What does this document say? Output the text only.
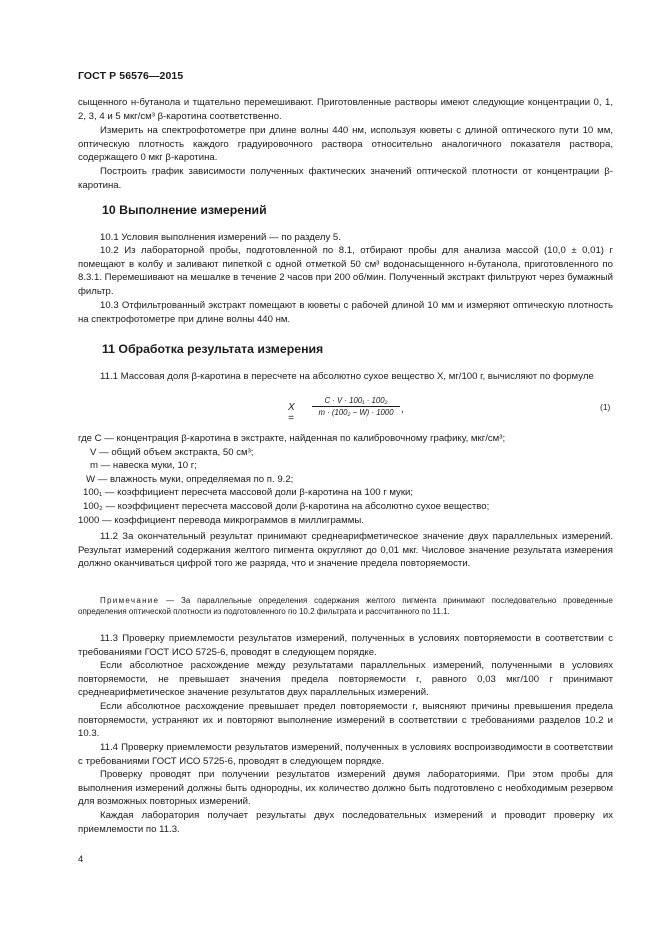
ГОСТ Р 56576—2015
сыщенного н-бутанола и тщательно перемешивают. Приготовленные растворы имеют следующие концентрации 0, 1, 2, 3, 4 и 5 мкг/см³ β-каротина соответственно.
Измерить на спектрофотометре при длине волны 440 нм, используя кюветы с длиной оптического пути 10 мм, оптическую плотность каждого градуировочного раствора относительно аналогичного показателя раствора, содержащего 0 мкг β-каротина.
Построить график зависимости полученных фактических значений оптической плотности от концентрации β-каротина.
10 Выполнение измерений
10.1 Условия выполнения измерений — по разделу 5.
10.2 Из лабораторной пробы, подготовленной по 8.1, отбирают пробы для анализа массой (10,0 ± 0,01) г помещают в колбу и заливают пипеткой с одной отметкой 50 см³ водонасыщенного н-бутанола, приготовленного по 8.3.1. Перемешивают на мешалке в течение 2 часов при 200 об/мин. Полученный экстракт фильтруют через бумажный фильтр.
10.3 Отфильтрованный экстракт помещают в кюветы с рабочей длиной 10 мм и измеряют оптическую плотность на спектрофотометре при длине волны 440 нм.
11 Обработка результата измерения
11.1 Массовая доля β-каротина в пересчете на абсолютно сухое вещество X, мг/100 г, вычисляют по формуле
X =
C · V · 100₁ · 100₂
m · (100₂ − W) · 1000 ,	(1)
где C — концентрация β-каротина в экстракте, найденная по калибровочному графику, мкг/см³;
V — общий объем экстракта, 50 см³;
m — навеска муки, 10 г;
W — влажность муки, определяемая по п. 9.2;
100₁ — коэффициент пересчета массовой доли β-каротина на 100 г муки;
100₂ — коэффициент пересчета массовой доли β-каротина на абсолютно сухое вещество;
1000 — коэффициент перевода микрограммов в миллиграммы.
11.2 За окончательный результат принимают среднеарифметическое значение двух параллельных измерений. Результат измерений содержания желтого пигмента округляют до 0,01 мкг. Числовое значение результата измерения должно оканчиваться цифрой того же разряда, что и значение предела повторяемости.
Примечание — За параллельные определения содержания желтого пигмента принимают последовательно проведенные определения оптической плотности из подготовленного по 10.2 фильтрата и рассчитанного по 11.1.
11.3 Проверку приемлемости результатов измерений, полученных в условиях повторяемости в соответствии с требованиями ГОСТ ИСО 5725-6, проводят в следующем порядке.
Если абсолютное расхождение между результатами параллельных измерений, полученными в условиях повторяемости, не превышает значения предела повторяемости r, равного 0,03 мкг/100 г принимают среднеарифметическое значение результатов двух параллельных измерений.
Если абсолютное расхождение превышает предел повторяемости r, выясняют причины превышения предела повторяемости, устраняют их и повторяют выполнение измерений в соответствии с требованиями разделов 10.2 и 10.3.
11.4 Проверку приемлемости результатов измерений, полученных в условиях воспроизводимости в соответствии с требованиями ГОСТ ИСО 5725-6, проводят в следующем порядке.
Проверку проводят при получении результатов измерений двумя лабораториями. При этом пробы для выполнения измерений должны быть однородны, их количество должно быть подготовлено с необходимым резервом для возможных повторных измерений.
Каждая лаборатория получает результаты двух последовательных измерений и проводит проверку их приемлемости по 11.3.
4
